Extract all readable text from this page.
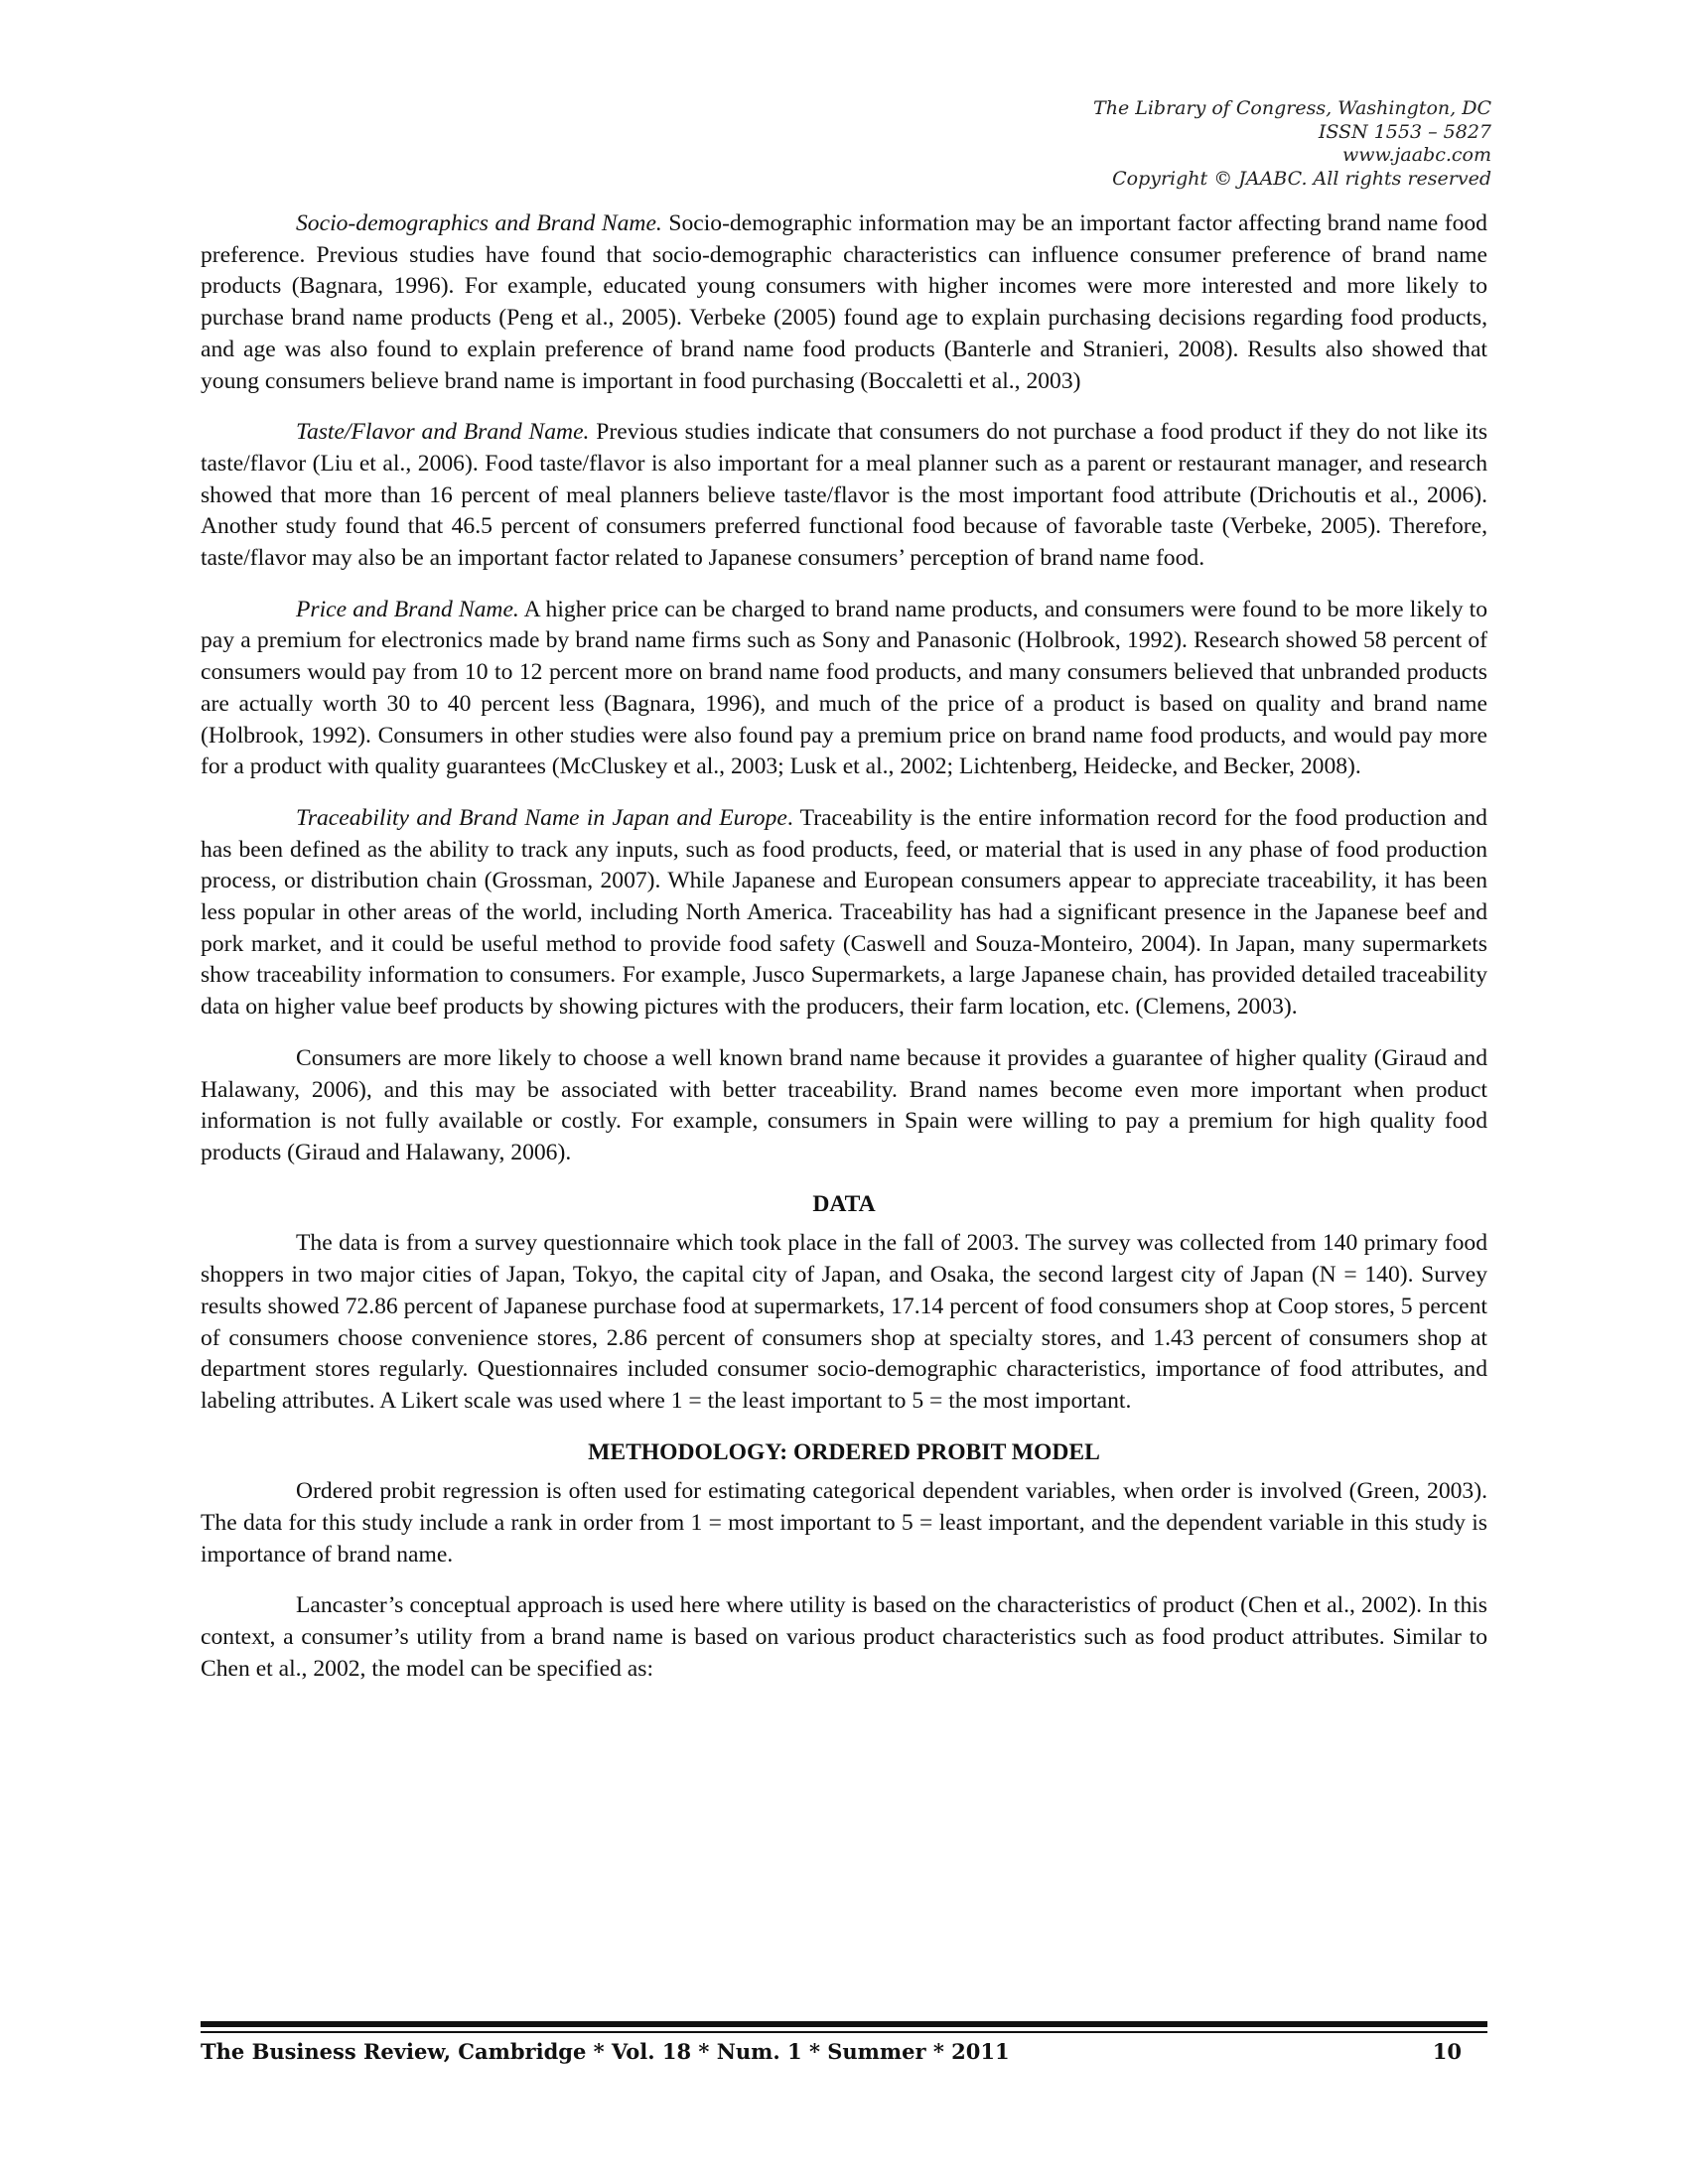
The Library of Congress, Washington, DC
ISSN 1553 – 5827
www.jaabc.com
Copyright © JAABC. All rights reserved

Socio-demographics and Brand Name. Socio-demographic information may be an important factor affecting brand name food preference. Previous studies have found that socio-demographic characteristics can influence consumer preference of brand name products (Bagnara, 1996). For example, educated young consumers with higher incomes were more interested and more likely to purchase brand name products (Peng et al., 2005). Verbeke (2005) found age to explain purchasing decisions regarding food products, and age was also found to explain preference of brand name food products (Banterle and Stranieri, 2008). Results also showed that young consumers believe brand name is important in food purchasing (Boccaletti et al., 2003)

Taste/Flavor and Brand Name. Previous studies indicate that consumers do not purchase a food product if they do not like its taste/flavor (Liu et al., 2006). Food taste/flavor is also important for a meal planner such as a parent or restaurant manager, and research showed that more than 16 percent of meal planners believe taste/flavor is the most important food attribute (Drichoutis et al., 2006). Another study found that 46.5 percent of consumers preferred functional food because of favorable taste (Verbeke, 2005). Therefore, taste/flavor may also be an important factor related to Japanese consumers’ perception of brand name food.

Price and Brand Name. A higher price can be charged to brand name products, and consumers were found to be more likely to pay a premium for electronics made by brand name firms such as Sony and Panasonic (Holbrook, 1992). Research showed 58 percent of consumers would pay from 10 to 12 percent more on brand name food products, and many consumers believed that unbranded products are actually worth 30 to 40 percent less (Bagnara, 1996), and much of the price of a product is based on quality and brand name (Holbrook, 1992). Consumers in other studies were also found pay a premium price on brand name food products, and would pay more for a product with quality guarantees (McCluskey et al., 2003; Lusk et al., 2002; Lichtenberg, Heidecke, and Becker, 2008).

Traceability and Brand Name in Japan and Europe. Traceability is the entire information record for the food production and has been defined as the ability to track any inputs, such as food products, feed, or material that is used in any phase of food production process, or distribution chain (Grossman, 2007). While Japanese and European consumers appear to appreciate traceability, it has been less popular in other areas of the world, including North America. Traceability has had a significant presence in the Japanese beef and pork market, and it could be useful method to provide food safety (Caswell and Souza-Monteiro, 2004). In Japan, many supermarkets show traceability information to consumers. For example, Jusco Supermarkets, a large Japanese chain, has provided detailed traceability data on higher value beef products by showing pictures with the producers, their farm location, etc. (Clemens, 2003).

Consumers are more likely to choose a well known brand name because it provides a guarantee of higher quality (Giraud and Halawany, 2006), and this may be associated with better traceability. Brand names become even more important when product information is not fully available or costly. For example, consumers in Spain were willing to pay a premium for high quality food products (Giraud and Halawany, 2006).

DATA

The data is from a survey questionnaire which took place in the fall of 2003. The survey was collected from 140 primary food shoppers in two major cities of Japan, Tokyo, the capital city of Japan, and Osaka, the second largest city of Japan (N = 140). Survey results showed 72.86 percent of Japanese purchase food at supermarkets, 17.14 percent of food consumers shop at Coop stores, 5 percent of consumers choose convenience stores, 2.86 percent of consumers shop at specialty stores, and 1.43 percent of consumers shop at department stores regularly. Questionnaires included consumer socio-demographic characteristics, importance of food attributes, and labeling attributes. A Likert scale was used where 1 = the least important to 5 = the most important.

METHODOLOGY: ORDERED PROBIT MODEL

Ordered probit regression is often used for estimating categorical dependent variables, when order is involved (Green, 2003). The data for this study include a rank in order from 1 = most important to 5 = least important, and the dependent variable in this study is importance of brand name.

Lancaster’s conceptual approach is used here where utility is based on the characteristics of product (Chen et al., 2002). In this context, a consumer’s utility from a brand name is based on various product characteristics such as food product attributes. Similar to Chen et al., 2002, the model can be specified as:

The Business Review, Cambridge * Vol. 18 * Num. 1 * Summer * 2011	10
